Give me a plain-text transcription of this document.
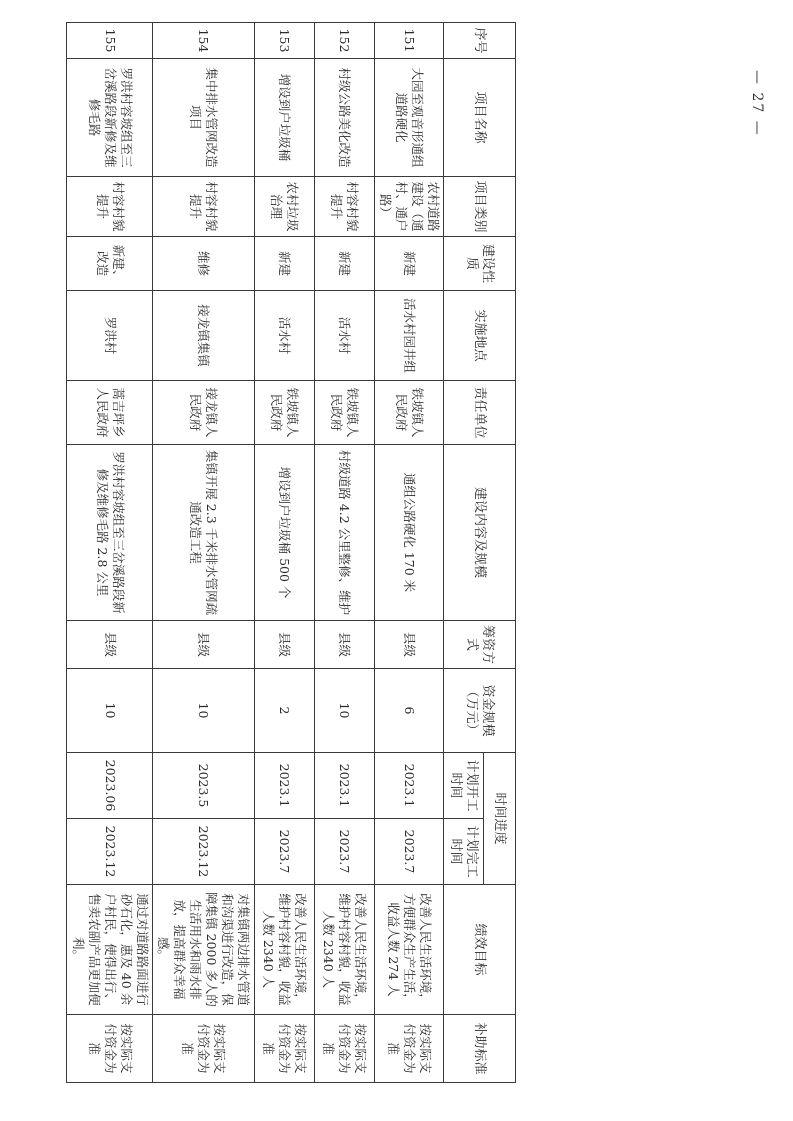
— 27 —
序号	项目名称	项目类别	建设性质	实施地点	责任单位	建设内容及规模	筹资方式	资金规模（万元）	时间进度		绩效目标	补助标准
									计划开工时间	计划完工时间		
151	大园至观音形通组道路硬化	农村道路建设（通村、通户路）	新建	活水村园井组	铁坡镇人民政府	通组公路硬化 170 米	县级	6	2023.1	2023.7	改善人民生活环境，方便群众生产生活，收益人数 274 人	按实际支付资金为准
152	村级公路美化改造	村容村貌提升	新建	活水村	铁坡镇人民政府	村级道路 4.2 公里整修、维护	县级	10	2023.1	2023.7	改善人民生活环境，维护村容村貌，收益人数 2340 人	按实际支付资金为准
153	增设到户垃圾桶	农村垃圾治理	新建	活水村	铁坡镇人民政府	增设到户垃圾桶 500 个	县级	2	2023.1	2023.7	改善人民生活环境，维护村容村貌，收益人数 2340 人	按实际支付资金为准
154	集中排水管网改造项目	村容村貌提升	维修	接龙镇集镇	接龙镇人民政府	集镇开展 2.3 千米排水管网疏通改造工程	县级	10	2023.5	2023.12	对集镇两边排水管道和沟渠进行改造，保障集镇 2000 多人的生活用水和雨水排放，提高群众幸福感。	按实际支付资金为准
155	罗洪村容坡组至三岔溪路段新修及维修毛路	村容村貌提升	新建、改造	罗洪村	蒿吉坪乡人民政府	罗洪村容坡组至三岔溪路段新修及维修毛路 2.8 公里	县级	10	2023.06	2023.12	通过对道路路面进行砂石化，惠及 40 余户村民，使得出行、售卖农副产品更加便利。	按实际支付资金为准
